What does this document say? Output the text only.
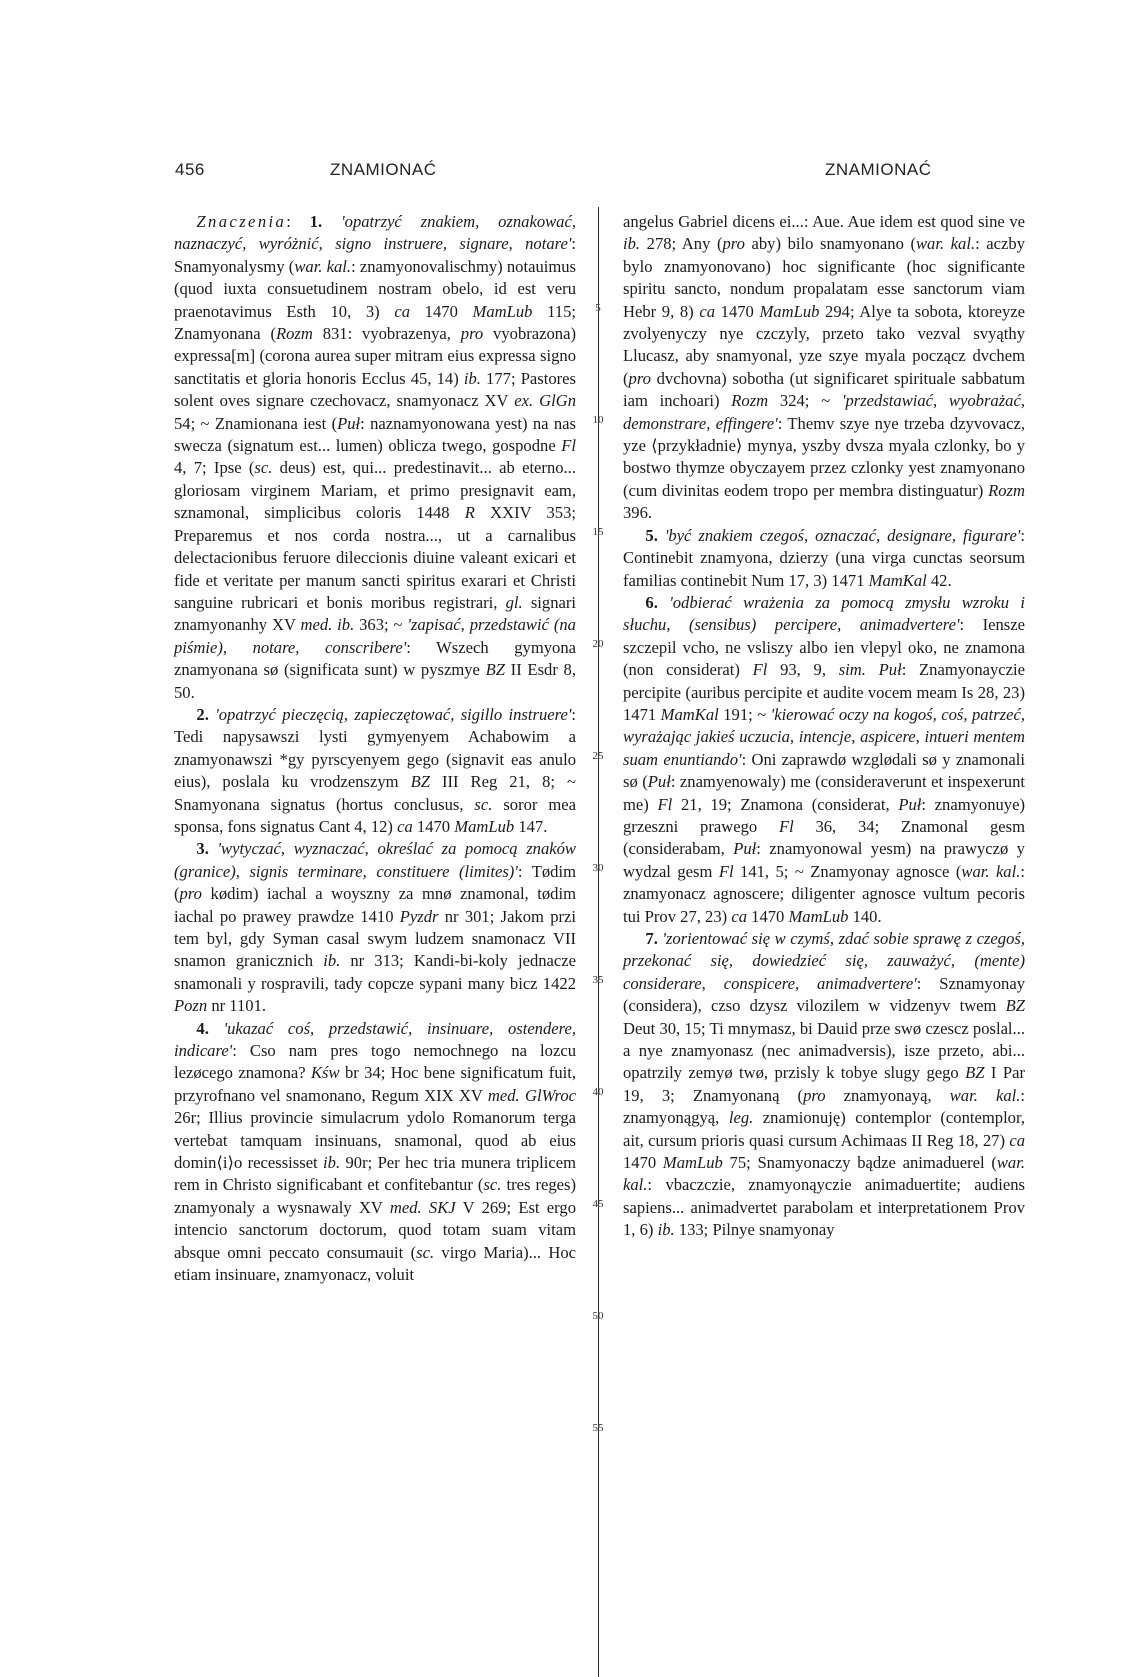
456	ZNAMIONAĆ	ZNAMIONAĆ

Znaczenia: 1. 'opatrzyć znakiem, oznakować, naznaczyć, wyróżnić, signo instruere, signare, notare': Snamyonalysmy (war. kal.: znamyonovalischmy) notauimus (quod iuxta consuetudinem nostram obelo, id est veru praenotavimus Esth 10, 3) ca 1470 MamLub 115; Znamyonana (Rozm 831: vyobrazenya, pro vyobrazona) expressa[m] (corona aurea super mitram eius expressa signo sanctitatis et gloria honoris Ecclus 45, 14) ib. 177; Pastores solent oves signare czechovacz, snamyonacz XV ex. GlGn 54; ~ Znamionana iest (Puł: naznamyonowana yest) na nas swecza (signatum est... lumen) oblicza twego, gospodne Fl 4, 7; Ipse (sc. deus) est, qui... predestinavit... ab eterno... gloriosam virginem Mariam, et primo presignavit eam, sznamonal, simplicibus coloris 1448 R XXIV 353; Preparemus et nos corda nostra..., ut a carnalibus delectacionibus feruore dileccionis diuine valeant exicari et fide et veritate per manum sancti spiritus exarari et Christi sanguine rubricari et bonis moribus registrari, gl. signari znamyonanhy XV med. ib. 363; ~ 'zapisać, przedstawić (na piśmie), notare, conscribere': Wszech gymyona znamyonana sø (significata sunt) w pyszmye BZ II Esdr 8, 50.

2. 'opatrzyć pieczęcią, zapieczętować, sigillo instruere': Tedi napysawszi lysti gymyenyem Achabowim a znamyonawszi *gy pyrscyenyem gego (signavit eas anulo eius), poslala ku vrodzenszym BZ III Reg 21, 8; ~ Snamyonana signatus (hortus conclusus, sc. soror mea sponsa, fons signatus Cant 4, 12) ca 1470 MamLub 147.

3. 'wytyczać, wyznaczać, określać za pomocą znaków (granice), signis terminare, constituere (limites)': Tødim (pro kødim) iachal a woyszny za mnø znamonal, tødim iachal po prawey prawdze 1410 Pyzdr nr 301; Jakom przi tem byl, gdy Syman casal swym ludzem snamonacz VII snamon granicznich ib. nr 313; Kandi-bi-koly jednacze snamonali y rospravili, tady copcze sypani many bicz 1422 Pozn nr 1101.

4. 'ukazać coś, przedstawić, insinuare, ostendere, indicare': Cso nam pres togo nemochnego na lozcu lezøcego znamona? Kśw br 34; Hoc bene significatum fuit, przyrofnano vel snamonano, Regum XIX XV med. GlWroc 26r; Illius provincie simulacrum ydolo Romanorum terga vertebat tamquam insinuans, snamonal, quod ab eius domin⟨i⟩o recessisset ib. 90r; Per hec tria munera triplicem rem in Christo significabant et confitebantur (sc. tres reges) znamyonaly a wysnawaly XV med. SKJ V 269; Est ergo intencio sanctorum doctorum, quod totam suam vitam absque omni peccato consumauit (sc. virgo Maria)... Hoc etiam insinuare, znamyonacz, voluit

5
10
15
20
25
30
35
40
45
50
55

angelus Gabriel dicens ei...: Aue. Aue idem est quod sine ve ib. 278; Any (pro aby) bilo snamyonano (war. kal.: aczby bylo znamyonovano) hoc significante (hoc significante spiritu sancto, nondum propalatam esse sanctorum viam Hebr 9, 8) ca 1470 MamLub 294; Alye ta sobota, ktoreyze zvolyenyczy nye czczyly, przeto tako vezval svyąthy Llucasz, aby snamyonal, yze szye myala począcz dvchem (pro dvchovna) sobotha (ut significaret spirituale sabbatum iam inchoari) Rozm 324; ~ 'przedstawiać, wyobrażać, demonstrare, effingere': Themv szye nye trzeba dzyvovacz, yze ⟨przykładnie⟩ mynya, yszby dvsza myala czlonky, bo y bostwo thymze obyczayem przez czlonky yest znamyonano (cum divinitas eodem tropo per membra distinguatur) Rozm 396.

5. 'być znakiem czegoś, oznaczać, designare, figurare': Continebit znamyona, dzierzy (una virga cunctas seorsum familias continebit Num 17, 3) 1471 MamKal 42.

6. 'odbierać wrażenia za pomocą zmysłu wzroku i słuchu, (sensibus) percipere, animadvertere': Iensze szczepil vcho, ne vsliszy albo ien vlepyl oko, ne znamona (non considerat) Fl 93, 9, sim. Puł: Znamyonayczie percipite (auribus percipite et audite vocem meam Is 28, 23) 1471 MamKal 191; ~ 'kierować oczy na kogoś, coś, patrzeć, wyrażając jakieś uczucia, intencje, aspicere, intueri mentem suam enuntiando': Oni zaprawdø wzglødali sø y znamonali sø (Puł: znamyenowaly) me (consideraverunt et inspexerunt me) Fl 21, 19; Znamona (considerat, Puł: znamyonuye) grzeszni prawego Fl 36, 34; Znamonal gesm (considerabam, Puł: znamyonowal yesm) na prawyczø y wydzal gesm Fl 141, 5; ~ Znamyonay agnosce (war. kal.: znamyonacz agnoscere; diligenter agnosce vultum pecoris tui Prov 27, 23) ca 1470 MamLub 140.

7. 'zorientować się w czymś, zdać sobie sprawę z czegoś, przekonać się, dowiedzieć się, zauważyć, (mente) considerare, conspicere, animadvertere': Sznamyonay (considera), czso dzysz vilozilem w vidzenyv twem BZ Deut 30, 15; Ti mnymasz, bi Dauid prze swø czescz poslal... a nye znamyonasz (nec animadversis), isze przeto, abi... opatrzily zemyø twø, przisly k tobye slugy gego BZ I Par 19, 3; Znamyonaną (pro znamyonayą, war. kal.: znamyonągyą, leg. znamionuję) contemplor (contemplor, ait, cursum prioris quasi cursum Achimaas II Reg 18, 27) ca 1470 MamLub 75; Snamyonaczy bądze animaduerel (war. kal.: vbaczczie, znamyonąyczie animaduertite; audiens sapiens... animadvertet parabolam et interpretationem Prov 1, 6) ib. 133; Pilnye snamyonay
